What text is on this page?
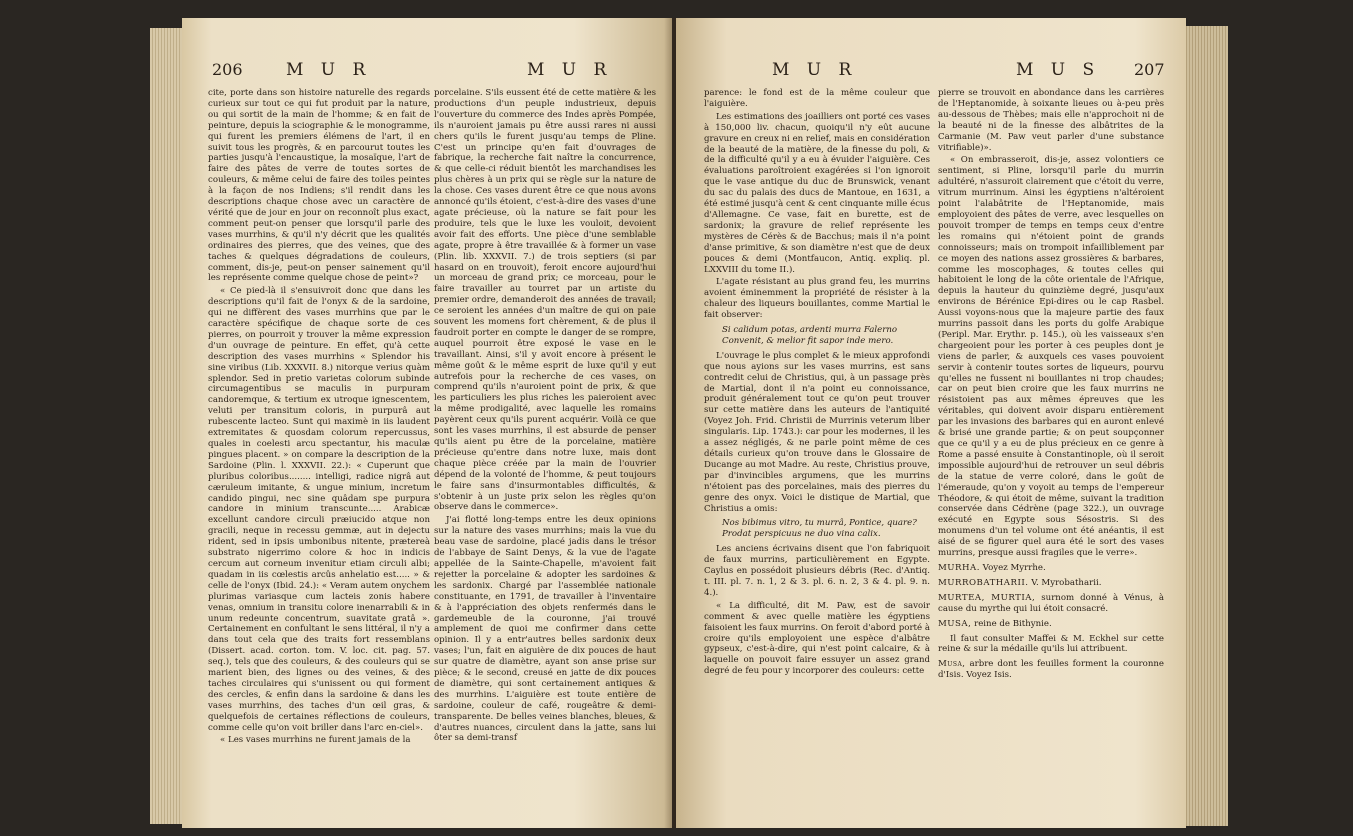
206	M U R	M U R

cite, porte dans son histoire naturelle des regards curieux sur tout ce qui fut produit par la nature, ou qui sortit de la main de l'homme; & en fait de peinture, depuis la sciographie & le monogramme, qui furent les premiers élémens de l'art, il en suivit tous les progrès, & en parcourut toutes les parties jusqu'à l'encaustique, la mosaïque, l'art de faire des pâtes de verre de toutes sortes de couleurs, & même celui de faire des toiles peintes à la façon de nos Indiens; s'il rendit dans les descriptions chaque chose avec un caractère de vérité que de jour en jour on reconnoît plus exact, comment peut-on penser que lorsqu'il parle des vases murrhins, & qu'il n'y décrit que les qualités ordinaires des pierres, que des veines, que des taches & quelques dégradations de couleurs, comment, dis-je, peut-on penser sainement qu'il les représente comme quelque chose de peint»?

« Ce pied-là il s'ensuivroit donc que dans les descriptions qu'il fait de l'onyx & de la sardoine, qui ne diffèrent des vases murrhins que par le caractère spécifique de chaque sorte de ces pierres, on pourroit y trouver la même expression d'un ouvrage de peinture. En effet, qu'à cette description des vases murrhins « Splendor his sine viribus (Lib. XXXVII. 8.) nitorque verius quàm splendor. Sed in pretio varietas colorum subinde circumagentibus se maculis in purpuram candoremque, & tertium ex utroque ignescentem, veluti per transitum coloris, in purpurâ aut rubescente lacteo. Sunt qui maximè in iis laudent extremitates & quosdam colorum repercussus, quales in coelesti arcu spectantur, his maculæ pingues placent. » on compare la description de la Sardoine (Plin. l. XXXVII. 22.): « Cuperunt que pluribus coloribus........ intelligi, radice nigrâ aut cæruleum imitante, & ungue minium, incretum candido pingui, nec sine quâdam spe purpura candore in minium transcunte..... Arabicæ excellunt candore circuli præiucido atque non gracili, neque in recessu gemmæ, aut in dejectu rident, sed in ipsis umbonibus nitente, prætereà substrato nigerrimo colore & hoc in indicis cercum aut corneum invenitur etiam circuli albi; quadam in iis cœlestis arcûs anhelatio est..... » & celle de l'onyx (Ibid. 24.): « Veram autem onychem plurimas variasque cum lacteis zonis habere venas, omnium in transitu colore inenarrabili & in unum redeunte concentrum, suavitate gratâ ». Certainement en confultant le sens littéral, il n'y a dans tout cela que des traits fort ressemblans (Dissert. acad. corton. tom. V. loc. cit. pag. 57. seq.), tels que des couleurs, & des couleurs qui se marient bien, des lignes ou des veines, & des taches circulaires qui s'unissent ou qui forment des cercles, & enfin dans la sardoine & dans les vases murrhins, des taches d'un œil gras, & quelquefois de certaines réflections de couleurs, comme celle qu'on voit briller dans l'arc en-ciel».

« Les vases murrhins ne furent jamais de la

porcelaine. S'ils eussent été de cette matière & les productions d'un peuple industrieux, depuis l'ouverture du commerce des Indes après Pompée, ils n'auroient jamais pu être aussi rares ni aussi chers qu'ils le furent jusqu'au temps de Pline. C'est un principe qu'en fait d'ouvrages de fabrique, la recherche fait naître la concurrence, & que celle-ci réduit bientôt les marchandises les plus chères à un prix qui se règle sur la nature de la chose. Ces vases durent être ce que nous avons annoncé qu'ils étoient, c'est-à-dire des vases d'une agate précieuse, où la nature se fait pour les produire, tels que le luxe les vouloit, devoient avoir fait des efforts. Une pièce d'une semblable agate, propre à être travaillée & à former un vase (Plin. lib. XXXVII. 7.) de trois septiers (si par hasard on en trouvoit), feroit encore aujourd'hui un morceau de grand prix; ce morceau, pour le faire travailler au tourret par un artiste du premier ordre, demanderoit des années de travail; ce seroient les années d'un maître de qui on paie souvent les momens fort chèrement, & de plus il faudroit porter en compte le danger de se rompre, auquel pourroit être exposé le vase en le travaillant. Ainsi, s'il y avoit encore à présent le même goût & le même esprit de luxe qu'il y eut autrefois pour la recherche de ces vases, on comprend qu'ils n'auroient point de prix, & que les particuliers les plus riches les paieroient avec la même prodigalité, avec laquelle les romains payèrent ceux qu'ils purent acquérir. Voilà ce que sont les vases murrhins, il est absurde de penser qu'ils aient pu être de la porcelaine, matière précieuse qu'entre dans notre luxe, mais dont chaque pièce créée par la main de l'ouvrier dépend de la volonté de l'homme, & peut toujours le faire sans d'insurmontables difficultés, & s'obtenir à un juste prix selon les règles qu'on observe dans le commerce».

J'ai flotté long-temps entre les deux opinions sur la nature des vases murrhins; mais la vue du beau vase de sardoine, placé jadis dans le trésor de l'abbaye de Saint Denys, & la vue de l'agate appellée de la Sainte-Chapelle, m'avoient fait rejetter la porcelaine & adopter les sardoines & les sardonix. Chargé par l'assemblée nationale constituante, en 1791, de travailler à l'inventaire & à l'appréciation des objets renfermés dans le gardemeuble de la couronne, j'ai trouvé amplement de quoi me confirmer dans cette opinion. Il y a entr'autres belles sardonix deux vases; l'un, fait en aiguière de dix pouces de haut sur quatre de diamètre, ayant son anse prise sur pièce; & le second, creusé en jatte de dix pouces de diamètre, qui sont certainement antiques & des murrhins. L'aiguière est toute entière de sardoine, couleur de café, rougeâtre & demi-transparente. De belles veines blanches, bleues, & d'autres nuances, circulent dans la jatte, sans lui ôter sa demi-transf

M U R	M U S 207

parence: le fond est de la même couleur que l'aiguière.

Les estimations des joailliers ont porté ces vases à 150,000 liv. chacun, quoiqu'il n'y eût aucune gravure en creux ni en relief, mais en considération de la beauté de la matière, de la finesse du poli, & de la difficulté qu'il y a eu à évuider l'aiguière. Ces évaluations paroîtroient exagérées si l'on ignoroit que le vase antique du duc de Brunswick, venant du sac du palais des ducs de Mantoue, en 1631, a été estimé jusqu'à cent & cent cinquante mille écus d'Allemagne. Ce vase, fait en burette, est de sardonix; la gravure de relief représente les mystères de Cérès & de Bacchus; mais il n'a point d'anse primitive, & son diamètre n'est que de deux pouces & demi (Montfaucon, Antiq. expliq. pl. LXXVIII du tome II.).

L'agate résistant au plus grand feu, les murrins avoient éminemment la propriété de résister à la chaleur des liqueurs bouillantes, comme Martial le fait observer:

Si calidum potas, ardenti murra Falerno Convenit, & melior fit sapor inde mero.

L'ouvrage le plus complet & le mieux approfondi que nous ayions sur les vases murrins, est sans contredit celui de Christius, qui, à un passage près de Martial, dont il n'a point eu connoissance, produit généralement tout ce qu'on peut trouver sur cette matière dans les auteurs de l'antiquité (Voyez Joh. Frid. Christii de Murrinis veterum liber singularis. Lip. 1743.): car pour les modernes, il les a assez négligés, & ne parle point même de ces détails curieux qu'on trouve dans le Glossaire de Ducange au mot Madre. Au reste, Christius prouve, par d'invincibles argumens, que les murrins n'étoient pas des porcelaines, mais des pierres du genre des onyx. Voici le distique de Martial, que Christius a omis:

Nos bibimus vitro, tu murrâ, Pontice, quare? Prodat perspicuus ne duo vina calix.

Les anciens écrivains disent que l'on fabriquoit de faux murrins, particulièrement en Egypte. Caylus en possédoit plusieurs débris (Rec. d'Antiq. t. III. pl. 7. n. 1, 2 & 3. pl. 6. n. 2, 3 & 4. pl. 9. n. 4.).

« La difficulté, dit M. Paw, est de savoir comment & avec quelle matière les égyptiens faisoient les faux murrins. On feroit d'abord porté à croire qu'ils employoient une espèce d'albâtre gypseux, c'est-à-dire, qui n'est point calcaire, & à laquelle on pouvoit faire essuyer un assez grand degré de feu pour y incorporer des couleurs: cette

pierre se trouvoit en abondance dans les carrières de l'Heptanomide, à soixante lieues ou à-peu près au-dessous de Thèbes; mais elle n'approchoit ni de la beauté ni de la finesse des albâtrites de la Carmanie (M. Paw veut parler d'une substance vitrifiable)».

« On embrasseroit, dis-je, assez volontiers ce sentiment, si Pline, lorsqu'il parle du murrin adultéré, n'assuroit clairement que c'étoit du verre, vitrum murrinum. Ainsi les égyptiens n'altéroient point l'alabâtrite de l'Heptanomide, mais employoient des pâtes de verre, avec lesquelles on pouvoit tromper de temps en temps ceux d'entre les romains qui n'étoient point de grands connoisseurs; mais on trompoit infailliblement par ce moyen des nations assez grossières & barbares, comme les moscophages, & toutes celles qui habitoient le long de la côte orientale de l'Afrique, depuis la hauteur du quinzième degré, jusqu'aux environs de Bérénice Epi-dires ou le cap Rasbel. Aussi voyons-nous que la majeure partie des faux murrins passoit dans les ports du golfe Arabique (Peripl. Mar. Erythr. p. 145.), où les vaisseaux s'en chargeoient pour les porter à ces peuples dont je viens de parler, & auxquels ces vases pouvoient servir à contenir toutes sortes de liqueurs, pourvu qu'elles ne fussent ni bouillantes ni trop chaudes; car on peut bien croire que les faux murrins ne résistoient pas aux mêmes épreuves que les véritables, qui doivent avoir disparu entièrement par les invasions des barbares qui en auront enlevé & brisé une grande partie; & on peut soupçonner que ce qu'il y a eu de plus précieux en ce genre à Rome a passé ensuite à Constantinople, où il seroit impossible aujourd'hui de retrouver un seul débris de la statue de verre coloré, dans le goût de l'émeraude, qu'on y voyoit au temps de l'empereur Théodore, & qui étoit de même, suivant la tradition conservée dans Cédrène (page 322.), un ouvrage exécuté en Egypte sous Sésostris. Si des monumens d'un tel volume ont été anéantis, il est aisé de se figurer quel aura été le sort des vases murrins, presque aussi fragiles que le verre».

MURHA. Voyez Myrrhe.

MURROBATHARII. V. Myrobatharii.

MURTEA, MURTIA, surnom donné à Vénus, à cause du myrthe qui lui étoit consacré.

MUSA, reine de Bithynie.

Il faut consulter Maffei & M. Eckhel sur cette reine & sur la médaille qu'ils lui attribuent.

Musa, arbre dont les feuilles forment la couronne d'Isis. Voyez Isis.
